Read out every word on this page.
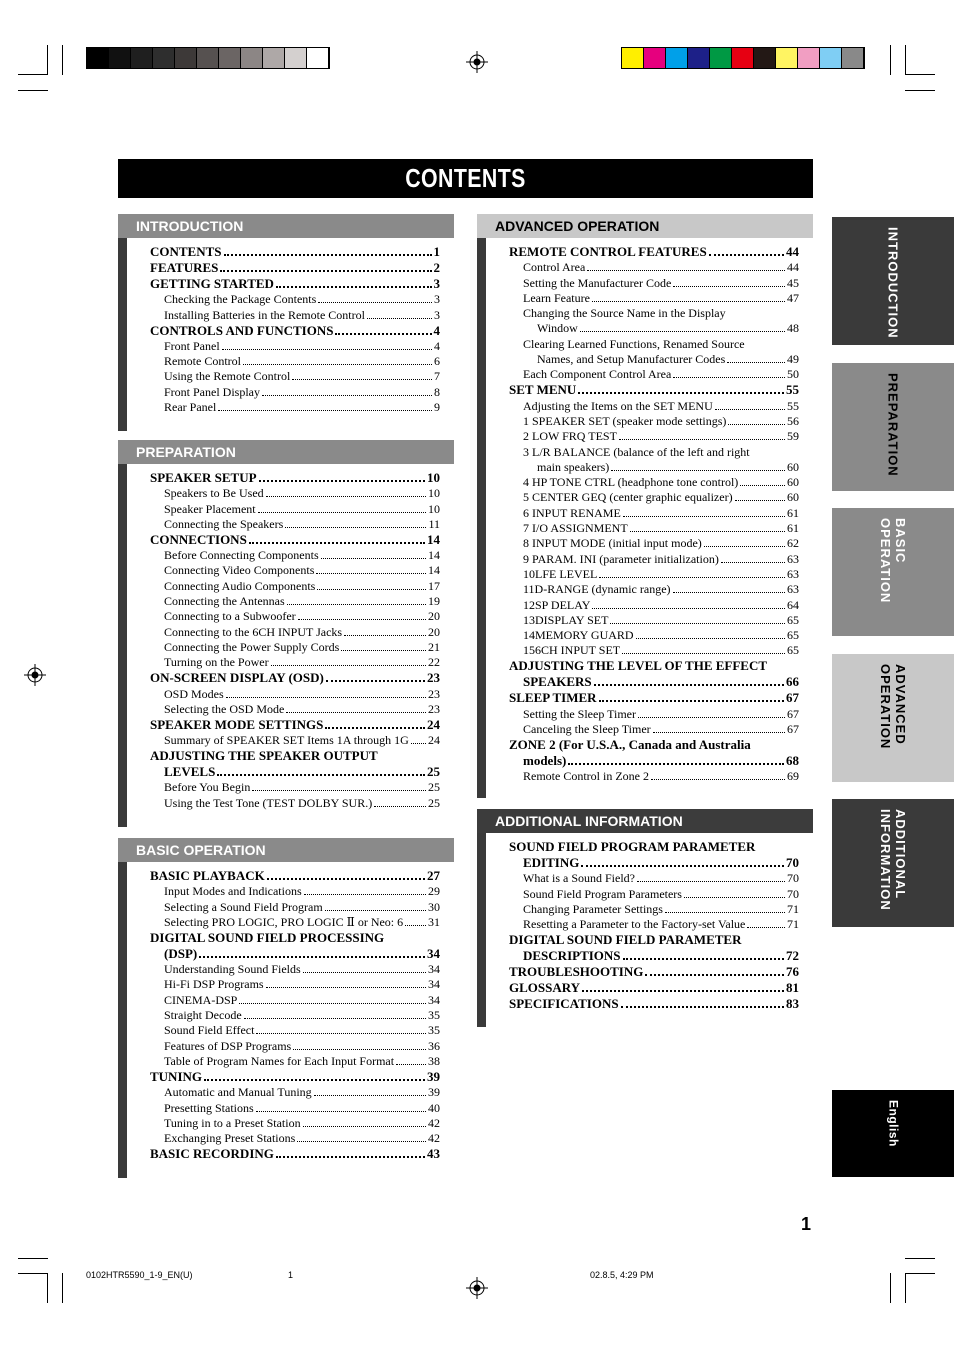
CONTENTS
INTRODUCTION
CONTENTS	1
FEATURES	2
GETTING STARTED	3
Checking the Package Contents	3
Installing Batteries in the Remote Control	3
CONTROLS AND FUNCTIONS	4
Front Panel	4
Remote Control	6
Using the Remote Control	7
Front Panel Display	8
Rear Panel	9
PREPARATION
SPEAKER SETUP	10
Speakers to Be Used	10
Speaker Placement	10
Connecting the Speakers	11
CONNECTIONS	14
Before Connecting Components	14
Connecting Video Components	14
Connecting Audio Components	17
Connecting the Antennas	19
Connecting to a Subwoofer	20
Connecting to the 6CH INPUT Jacks	20
Connecting the Power Supply Cords	21
Turning on the Power	22
ON-SCREEN DISPLAY (OSD)	23
OSD Modes	23
Selecting the OSD Mode	23
SPEAKER MODE SETTINGS	24
Summary of SPEAKER SET Items 1A through 1G 24
ADJUSTING THE SPEAKER OUTPUT
LEVELS	25
Before You Begin	25
Using the Test Tone (TEST DOLBY SUR.)	25
BASIC OPERATION
BASIC PLAYBACK	27
Input Modes and Indications	29
Selecting a Sound Field Program	30
Selecting PRO LOGIC, PRO LOGIC Ⅱ or Neo: 6 31
DIGITAL SOUND FIELD PROCESSING
(DSP)	34
Understanding Sound Fields	34
Hi-Fi DSP Programs	34
CINEMA-DSP	34
Straight Decode	35
Sound Field Effect	35
Features of DSP Programs	36
Table of Program Names for Each Input Format	38
TUNING	39
Automatic and Manual Tuning	39
Presetting Stations	40
Tuning in to a Preset Station	42
Exchanging Preset Stations	42
BASIC RECORDING	43
ADVANCED OPERATION
REMOTE CONTROL FEATURES	44
Control Area	44
Setting the Manufacturer Code	45
Learn Feature	47
Changing the Source Name in the Display
Window	48
Clearing Learned Functions, Renamed Source
Names, and Setup Manufacturer Codes	49
Each Component Control Area	50
SET MENU	55
Adjusting the Items on the SET MENU	55
1 SPEAKER SET (speaker mode settings)	56
2 LOW FRQ TEST	59
3 L/R BALANCE (balance of the left and right
main speakers)	60
4 HP TONE CTRL (headphone tone control)	60
5 CENTER GEQ (center graphic equalizer)	60
6 INPUT RENAME	61
7 I/O ASSIGNMENT	61
8 INPUT MODE (initial input mode)	62
9 PARAM. INI (parameter initialization)	63
10LFE LEVEL	63
11D-RANGE (dynamic range)	63
12SP DELAY	64
13DISPLAY SET	65
14MEMORY GUARD	65
156CH INPUT SET	65
ADJUSTING THE LEVEL OF THE EFFECT
SPEAKERS	66
SLEEP TIMER	67
Setting the Sleep Timer	67
Canceling the Sleep Timer	67
ZONE 2 (For U.S.A., Canada and Australia
models)	68
Remote Control in Zone 2	69
ADDITIONAL INFORMATION
SOUND FIELD PROGRAM PARAMETER
EDITING	70
What is a Sound Field?	70
Sound Field Program Parameters	70
Changing Parameter Settings	71
Resetting a Parameter to the Factory-set Value	71
DIGITAL SOUND FIELD PARAMETER
DESCRIPTIONS	72
TROUBLESHOOTING	76
GLOSSARY	81
SPECIFICATIONS	83
INTRODUCTION
PREPARATION
BASIC
OPERATION
ADVANCED
OPERATION
ADDITIONAL
INFORMATION
English
1
0102HTR5590_1-9_EN(U)	1	02.8.5, 4:29 PM
